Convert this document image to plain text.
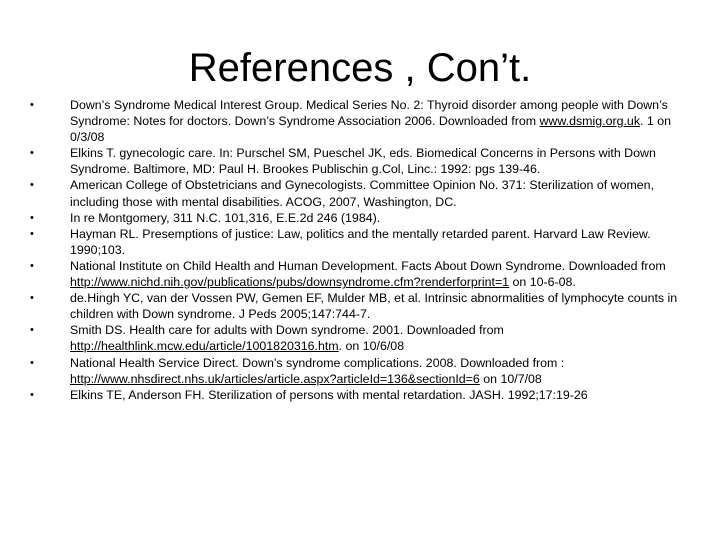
References , Con’t.
•	Down’s Syndrome Medical Interest Group. Medical Series No. 2: Thyroid disorder among people with Down’s Syndrome: Notes for doctors. Down’s Syndrome Association 2006. Downloaded from www.dsmig.org.uk. 1 on 0/3/08
•	Elkins T. gynecologic care. In: Purschel SM, Pueschel JK, eds. Biomedical Concerns in Persons with Down Syndrome. Baltimore, MD: Paul H. Brookes Publischin g.Col, Linc.: 1992: pgs 139-46.
•	American College of Obstetricians and Gynecologists. Committee Opinion No. 371: Sterilization of women, including those with mental disabilities. ACOG, 2007, Washington, DC.
•	In re Montgomery, 311 N.C. 101,316, E.E.2d 246 (1984).
•	Hayman RL. Presemptions of justice: Law, politics and the mentally retarded parent. Harvard Law Review. 1990;103.
•	National Institute on Child Health and Human Development. Facts About Down Syndrome. Downloaded from http://www.nichd.nih.gov/publications/pubs/downsyndrome.cfm?renderforprint=1 on 10-6-08.
•	de.Hingh YC, van der Vossen PW, Gemen EF, Mulder MB, et al. Intrinsic abnormalities of lymphocyte counts in children with Down syndrome. J Peds 2005;147:744-7.
•	Smith DS. Health care for adults with Down syndrome. 2001. Downloaded from http://healthlink.mcw.edu/article/1001820316.htm. on 10/6/08
•	National Health Service Direct. Down’s syndrome complications. 2008. Downloaded from : http://www.nhsdirect.nhs.uk/articles/article.aspx?articleId=136&sectionId=6 on 10/7/08
•	Elkins TE, Anderson FH. Sterilization of persons with mental retardation. JASH. 1992;17:19-26
